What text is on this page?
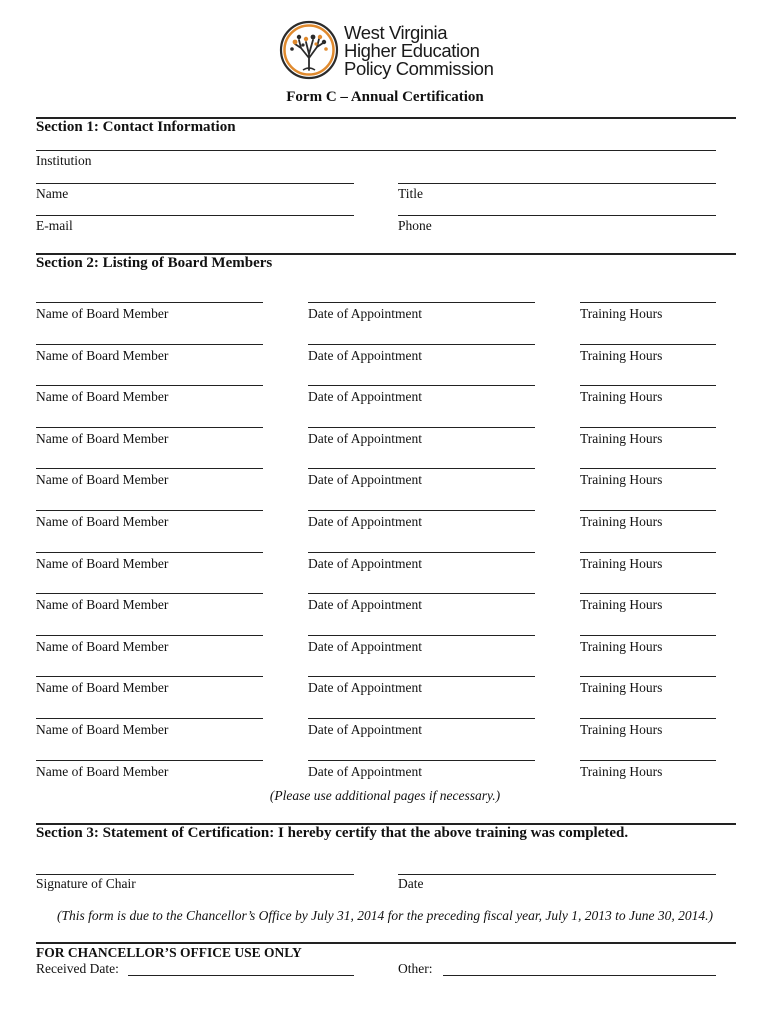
West Virginia
Higher Education
Policy Commission
Form C – Annual Certification
Section 1: Contact Information
Institution
Name	Title
E-mail	Phone
Section 2: Listing of Board Members
Name of Board Member	Date of Appointment	Training Hours
Name of Board Member	Date of Appointment	Training Hours
Name of Board Member	Date of Appointment	Training Hours
Name of Board Member	Date of Appointment	Training Hours
Name of Board Member	Date of Appointment	Training Hours
Name of Board Member	Date of Appointment	Training Hours
Name of Board Member	Date of Appointment	Training Hours
Name of Board Member	Date of Appointment	Training Hours
Name of Board Member	Date of Appointment	Training Hours
Name of Board Member	Date of Appointment	Training Hours
Name of Board Member	Date of Appointment	Training Hours
Name of Board Member	Date of Appointment	Training Hours
(Please use additional pages if necessary.)
Section 3: Statement of Certification: I hereby certify that the above training was completed.
Signature of Chair	Date
(This form is due to the Chancellor’s Office by July 31, 2014 for the preceding fiscal year, July 1, 2013 to June 30, 2014.)
FOR CHANCELLOR’S OFFICE USE ONLY
Received Date:	Other:
